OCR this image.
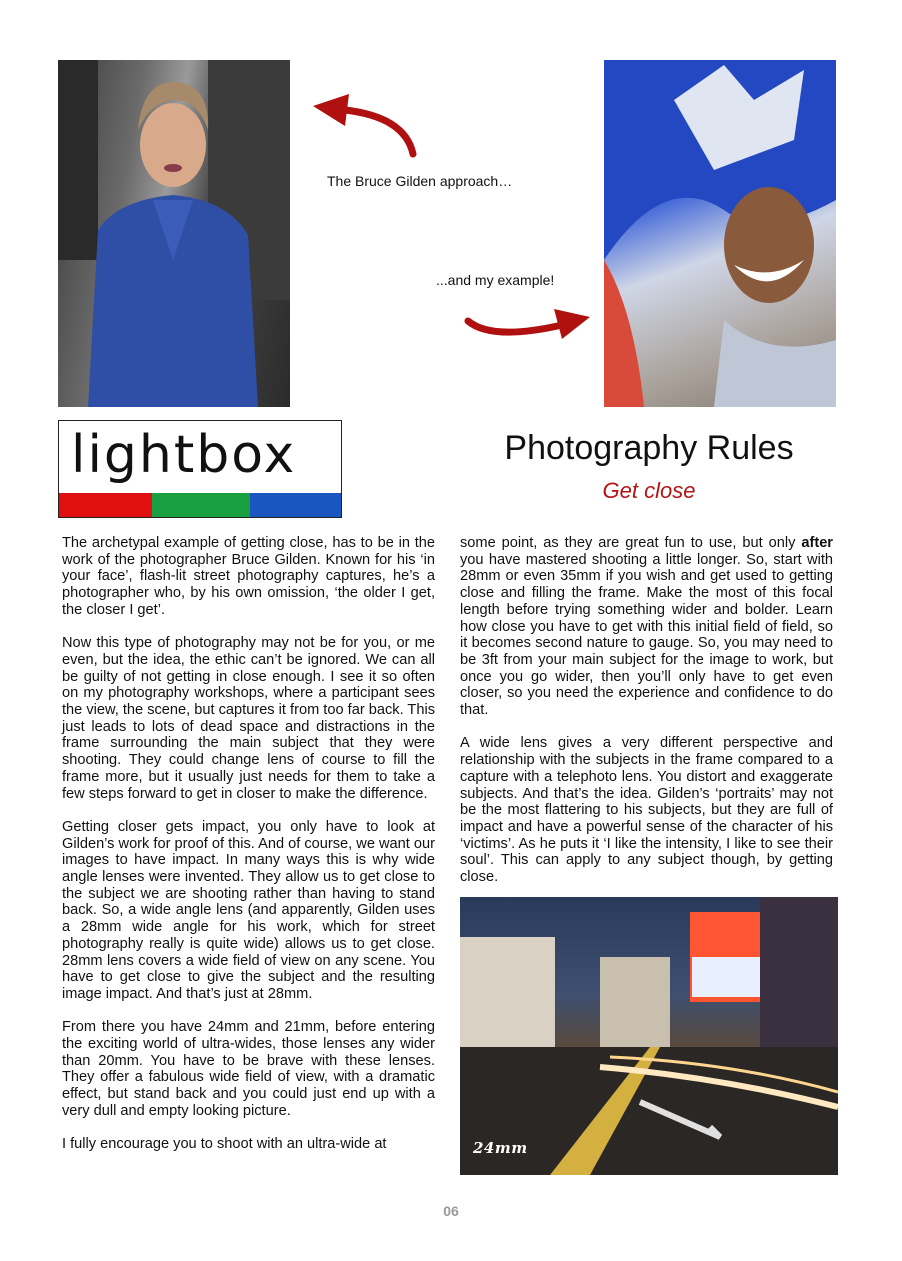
The Bruce Gilden approach…
...and my example!
lightbox	Photography Rules
Get close

The archetypal example of getting close, has to be in the work of the photographer Bruce Gilden. Known for his ‘in your face’, flash-lit street photography captures, he’s a photographer who, by his own omission, ‘the older I get, the closer I get’.

Now this type of photography may not be for you, or me even, but the idea, the ethic can’t be ignored. We can all be guilty of not getting in close enough. I see it so often on my photography workshops, where a participant sees the view, the scene, but captures it from too far back. This just leads to lots of dead space and distractions in the frame surrounding the main subject that they were shooting. They could change lens of course to fill the frame more, but it usually just needs for them to take a few steps forward to get in closer to make the difference.

Getting closer gets impact, you only have to look at Gilden’s work for proof of this. And of course, we want our images to have impact. In many ways this is why wide angle lenses were invented. They allow us to get close to the subject we are shooting rather than having to stand back. So, a wide angle lens (and apparently, Gilden uses a 28mm wide angle for his work, which for street photography really is quite wide) allows us to get close. 28mm lens covers a wide field of view on any scene. You have to get close to give the subject and the resulting image impact. And that’s just at 28mm.

From there you have 24mm and 21mm, before entering the exciting world of ultra-wides, those lenses any wider than 20mm. You have to be brave with these lenses. They offer a fabulous wide field of view, with a dramatic effect, but stand back and you could just end up with a very dull and empty looking picture.

I fully encourage you to shoot with an ultra-wide at

some point, as they are great fun to use, but only after you have mastered shooting a little longer. So, start with 28mm or even 35mm if you wish and get used to getting close and filling the frame. Make the most of this focal length before trying something wider and bolder. Learn how close you have to get with this initial field of field, so it becomes second nature to gauge. So, you may need to be 3ft from your main subject for the image to work, but once you go wider, then you’ll only have to get even closer, so you need the experience and confidence to do that.

A wide lens gives a very different perspective and relationship with the subjects in the frame compared to a capture with a telephoto lens. You distort and exaggerate subjects. And that’s the idea. Gilden’s ‘portraits’ may not be the most flattering to his subjects, but they are full of impact and have a powerful sense of the character of his ‘victims’. As he puts it ‘I like the intensity, I like to see their soul’. This can apply to any subject though, by getting close.

24mm
06
